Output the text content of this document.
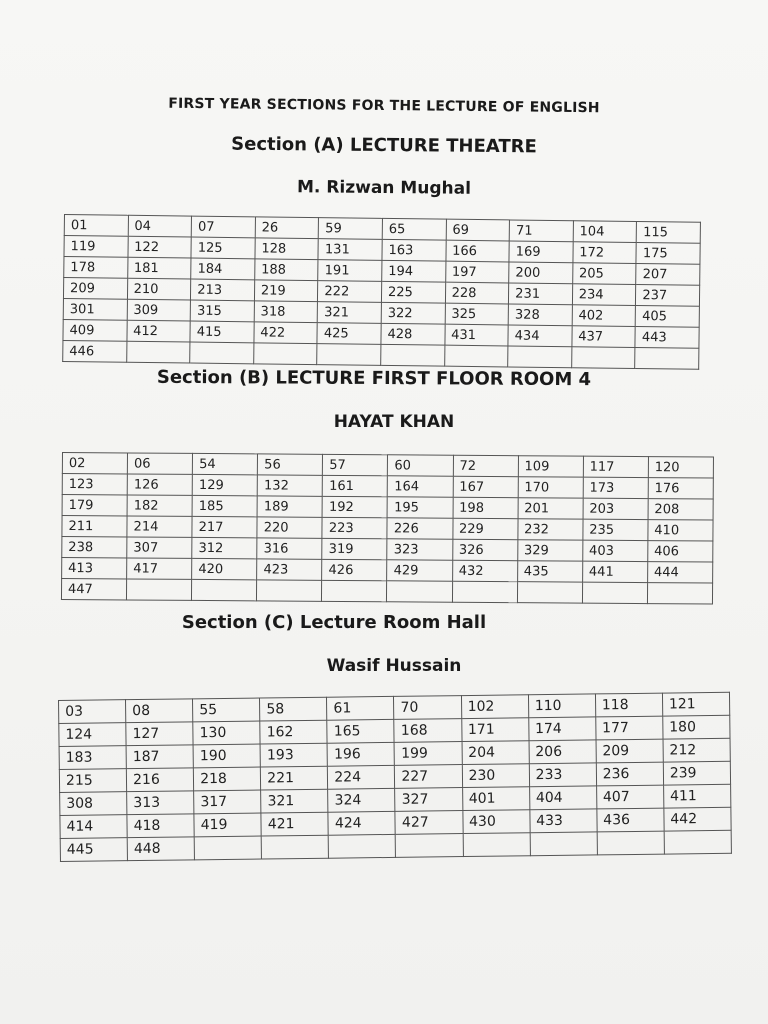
FIRST YEAR SECTIONS FOR THE LECTURE OF ENGLISH
Section (A) LECTURE THEATRE
M. Rizwan Mughal
01	04	07	26	59	65	69	71	104	115
119	122	125	128	131	163	166	169	172	175
178	181	184	188	191	194	197	200	205	207
209	210	213	219	222	225	228	231	234	237
301	309	315	318	321	322	325	328	402	405
409	412	415	422	425	428	431	434	437	443
446									
Section (B) LECTURE FIRST FLOOR ROOM 4
HAYAT KHAN
02	06	54	56	57	60	72	109	117	120
123	126	129	132	161	164	167	170	173	176
179	182	185	189	192	195	198	201	203	208
211	214	217	220	223	226	229	232	235	410
238	307	312	316	319	323	326	329	403	406
413	417	420	423	426	429	432	435	441	444
447									
Section (C) Lecture Room Hall
Wasif Hussain
03	08	55	58	61	70	102	110	118	121
124	127	130	162	165	168	171	174	177	180
183	187	190	193	196	199	204	206	209	212
215	216	218	221	224	227	230	233	236	239
308	313	317	321	324	327	401	404	407	411
414	418	419	421	424	427	430	433	436	442
445	448								
